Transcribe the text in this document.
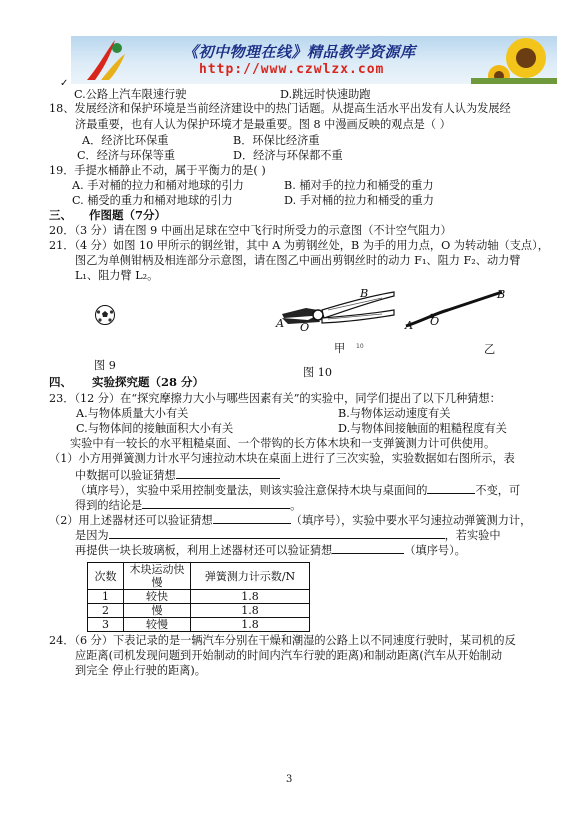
《初中物理在线》精品教学资源库
http://www.czwlzx.com
✓
C.公路上汽车限速行驶	D.跳远时快速助跑
18、发展经济和保护环境是当前经济建设中的热门话题。从提高生活水平出发有人认为发展经
济最重要，也有人认为保护环境才是最重要。图 8 中漫画反映的观点是（ ）
A．经济比环保重	B．环保比经济重
C．经济与环保等重	D．经济与环保都不重
19．手提水桶静止不动，属于平衡力的是( )
A. 手对桶的拉力和桶对地球的引力	B. 桶对手的拉力和桶受的重力
C. 桶受的重力和桶对地球的引力	D. 手对桶的拉力和桶受的重力
三、 作图题（7分）
20．（3 分）请在图 9 中画出足球在空中飞行时所受力的示意图（不计空气阻力）
21．（4 分）如图 10 甲所示的钢丝钳，其中 A 为剪钢丝处，B 为手的用力点，O 为转动轴（支点），
图乙为单侧钳柄及相连部分示意图，请在图乙中画出剪钢丝时的动力 F₁、阻力 F₂、动力臂
L₁、阻力臂 L₂。
10
A O
B
甲
A O
B
乙
图 9
图 10
四、 实验探究题（28 分）
23．（12 分）在“探究摩擦力大小与哪些因素有关”的实验中，同学们提出了以下几种猜想：
A.与物体质量大小有关	B.与物体运动速度有关
C.与物体间的接触面积大小有关	D.与物体间接触面的粗糙程度有关
实验中有一较长的水平粗糙桌面、一个带钩的长方体木块和一支弹簧测力计可供使用。
（1）小方用弹簧测力计水平匀速拉动木块在桌面上进行了三次实验，实验数据如右图所示，表
中数据可以验证猜想
（填序号），实验中采用控制变量法，则该实验注意保持木块与桌面间的	不变，可
得到的结论是	。
（2）用上述器材还可以验证猜想	（填序号），实验中要水平匀速拉动弹簧测力计，
是因为	，若实验中
再提供一块长玻璃板，利用上述器材还可以验证猜想	（填序号）。
次数	木块运动快慢	弹簧测力计示数/N
1	较快	1.8
2	慢	1.8
3	较慢	1.8
24．（6 分）下表记录的是一辆汽车分别在干燥和潮湿的公路上以不同速度行驶时，某司机的反
应距离(司机发现问题到开始制动的时间内汽车行驶的距离)和制动距离(汽车从开始制动
到完全 停止行驶的距离)。
3
